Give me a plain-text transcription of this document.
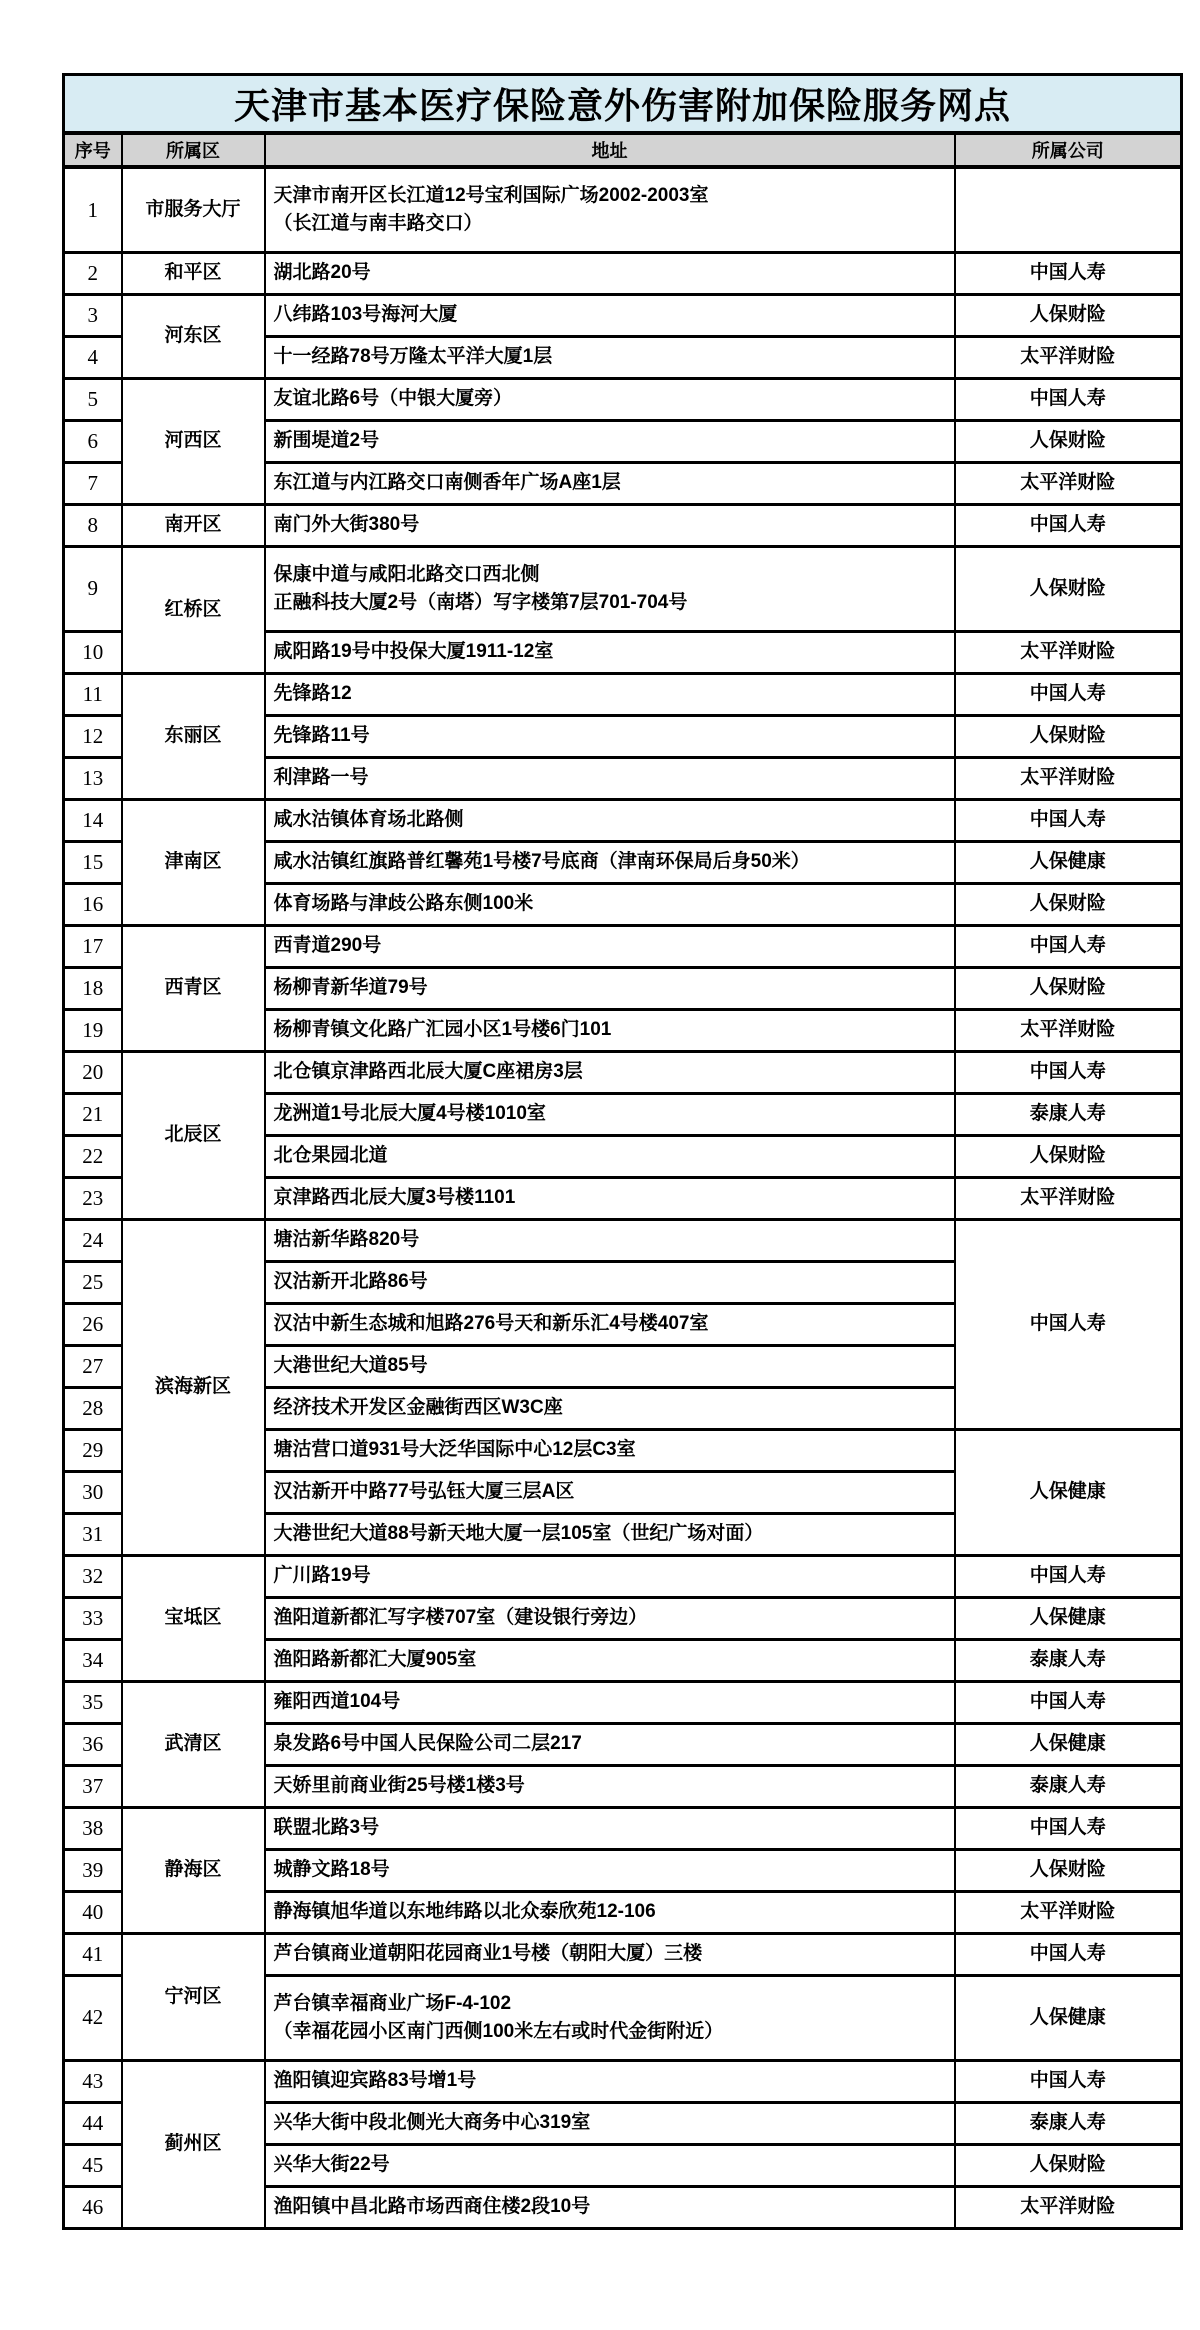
天津市基本医疗保险意外伤害附加保险服务网点			
序号	所属区	地址	所属公司
1	市服务大厅	天津市南开区长江道12号宝利国际广场2002-2003室
（长江道与南丰路交口）	

2	和平区	湖北路20号	中国人寿
3	河东区	八纬路103号海河大厦	人保财险
4		十一经路78号万隆太平洋大厦1层	太平洋财险
5	河西区	友谊北路6号（中银大厦旁）	中国人寿
6		新围堤道2号	人保财险
7		东江道与内江路交口南侧香年广场A座1层	太平洋财险
8	南开区	南门外大街380号	中国人寿
9	红桥区	保康中道与咸阳北路交口西北侧
正融科技大厦2号（南塔）写字楼第7层701-704号	人保财险
10		咸阳路19号中投保大厦1911-12室	太平洋财险
11	东丽区	先锋路12	中国人寿
12		先锋路11号	人保财险
13		利津路一号	太平洋财险
14	津南区	咸水沽镇体育场北路侧	中国人寿
15		咸水沽镇红旗路普红馨苑1号楼7号底商（津南环保局后身50米）	人保健康
16		体育场路与津歧公路东侧100米	人保财险
17	西青区	西青道290号	中国人寿
18		杨柳青新华道79号	人保财险
19		杨柳青镇文化路广汇园小区1号楼6门101	太平洋财险
20	北辰区	北仓镇京津路西北辰大厦C座裙房3层	中国人寿
21		龙洲道1号北辰大厦4号楼1010室	泰康人寿
22		北仓果园北道	人保财险
23		京津路西北辰大厦3号楼1101	太平洋财险
24	滨海新区	塘沽新华路820号	中国人寿
25		汉沽新开北路86号	

26		汉沽中新生态城和旭路276号天和新乐汇4号楼407室	

27		大港世纪大道85号	

28		经济技术开发区金融街西区W3C座	

29		塘沽营口道931号大泛华国际中心12层C3室	人保健康
30		汉沽新开中路77号弘钰大厦三层A区	

31		大港世纪大道88号新天地大厦一层105室（世纪广场对面）	

32	宝坻区	广川路19号	中国人寿
33		渔阳道新都汇写字楼707室（建设银行旁边）	人保健康
34		渔阳路新都汇大厦905室	泰康人寿
35	武清区	雍阳西道104号	中国人寿
36		泉发路6号中国人民保险公司二层217	人保健康
37		天娇里前商业街25号楼1楼3号	泰康人寿
38	静海区	联盟北路3号	中国人寿
39		城静文路18号	人保财险
40		静海镇旭华道以东地纬路以北众泰欣苑12-106	太平洋财险
41	宁河区	芦台镇商业道朝阳花园商业1号楼（朝阳大厦）三楼	中国人寿
42		芦台镇幸福商业广场F-4-102
（幸福花园小区南门西侧100米左右或时代金街附近）	人保健康
43	蓟州区	渔阳镇迎宾路83号增1号	中国人寿
44		兴华大街中段北侧光大商务中心319室	泰康人寿
45		兴华大街22号	人保财险
46		渔阳镇中昌北路市场西商住楼2段10号	太平洋财险
